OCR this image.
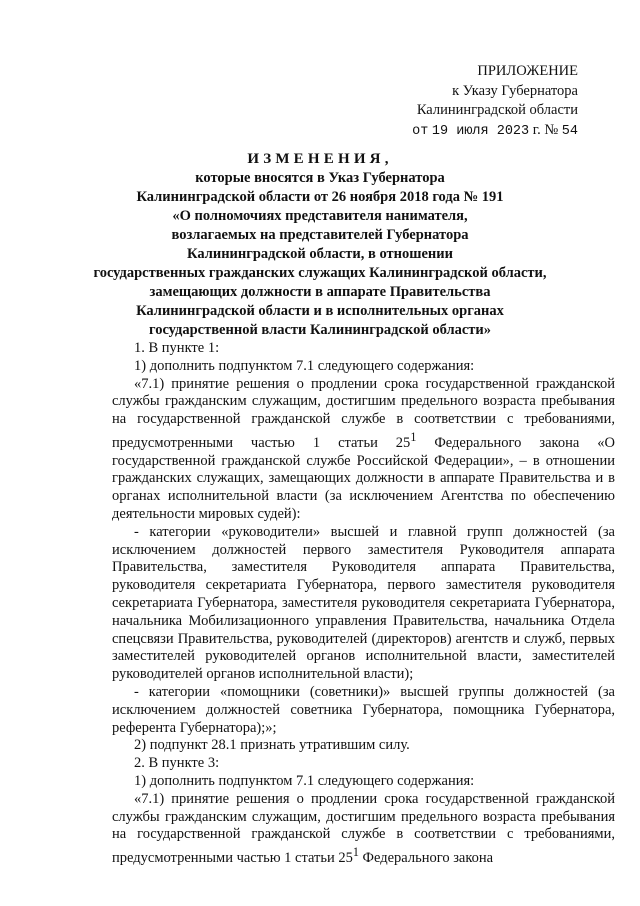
ПРИЛОЖЕНИЕ
к Указу Губернатора
Калининградской области
от 19 июля 2023 г. № 54
ИЗМЕНЕНИЯ,
которые вносятся в Указ Губернатора
Калининградской области от 26 ноября 2018 года № 191
«О полномочиях представителя нанимателя,
возлагаемых на представителей Губернатора
Калининградской области, в отношении
государственных гражданских служащих Калининградской области,
замещающих должности в аппарате Правительства
Калининградской области и в исполнительных органах
государственной власти Калининградской области»

1. В пункте 1:

1) дополнить подпунктом 7.1 следующего содержания:

«7.1) принятие решения о продлении срока государственной гражданской службы гражданским служащим, достигшим предельного возраста пребывания на государственной гражданской службе в соответствии с требованиями, предусмотренными частью 1 статьи $25^1$ Федерального закона «О государственной гражданской службе Российской Федерации», – в отношении гражданских служащих, замещающих должности в аппарате Правительства и в органах исполнительной власти (за исключением Агентства по обеспечению деятельности мировых судей):

- категории «руководители» высшей и главной групп должностей (за исключением должностей первого заместителя Руководителя аппарата Правительства, заместителя Руководителя аппарата Правительства, руководителя секретариата Губернатора, первого заместителя руководителя секретариата Губернатора, заместителя руководителя секретариата Губернатора, начальника Мобилизационного управления Правительства, начальника Отдела спецсвязи Правительства, руководителей (директоров) агентств и служб, первых заместителей руководителей органов исполнительной власти, заместителей руководителей органов исполнительной власти);

- категории «помощники (советники)» высшей группы должностей (за исключением должностей советника Губернатора, помощника Губернатора, референта Губернатора);»;

2) подпункт 28.1 признать утратившим силу.

2. В пункте 3:

1) дополнить подпунктом 7.1 следующего содержания:

«7.1) принятие решения о продлении срока государственной гражданской службы гражданским служащим, достигшим предельного возраста пребывания на государственной гражданской службе в соответствии с требованиями, предусмотренными частью 1 статьи $25^1$ Федерального закона
